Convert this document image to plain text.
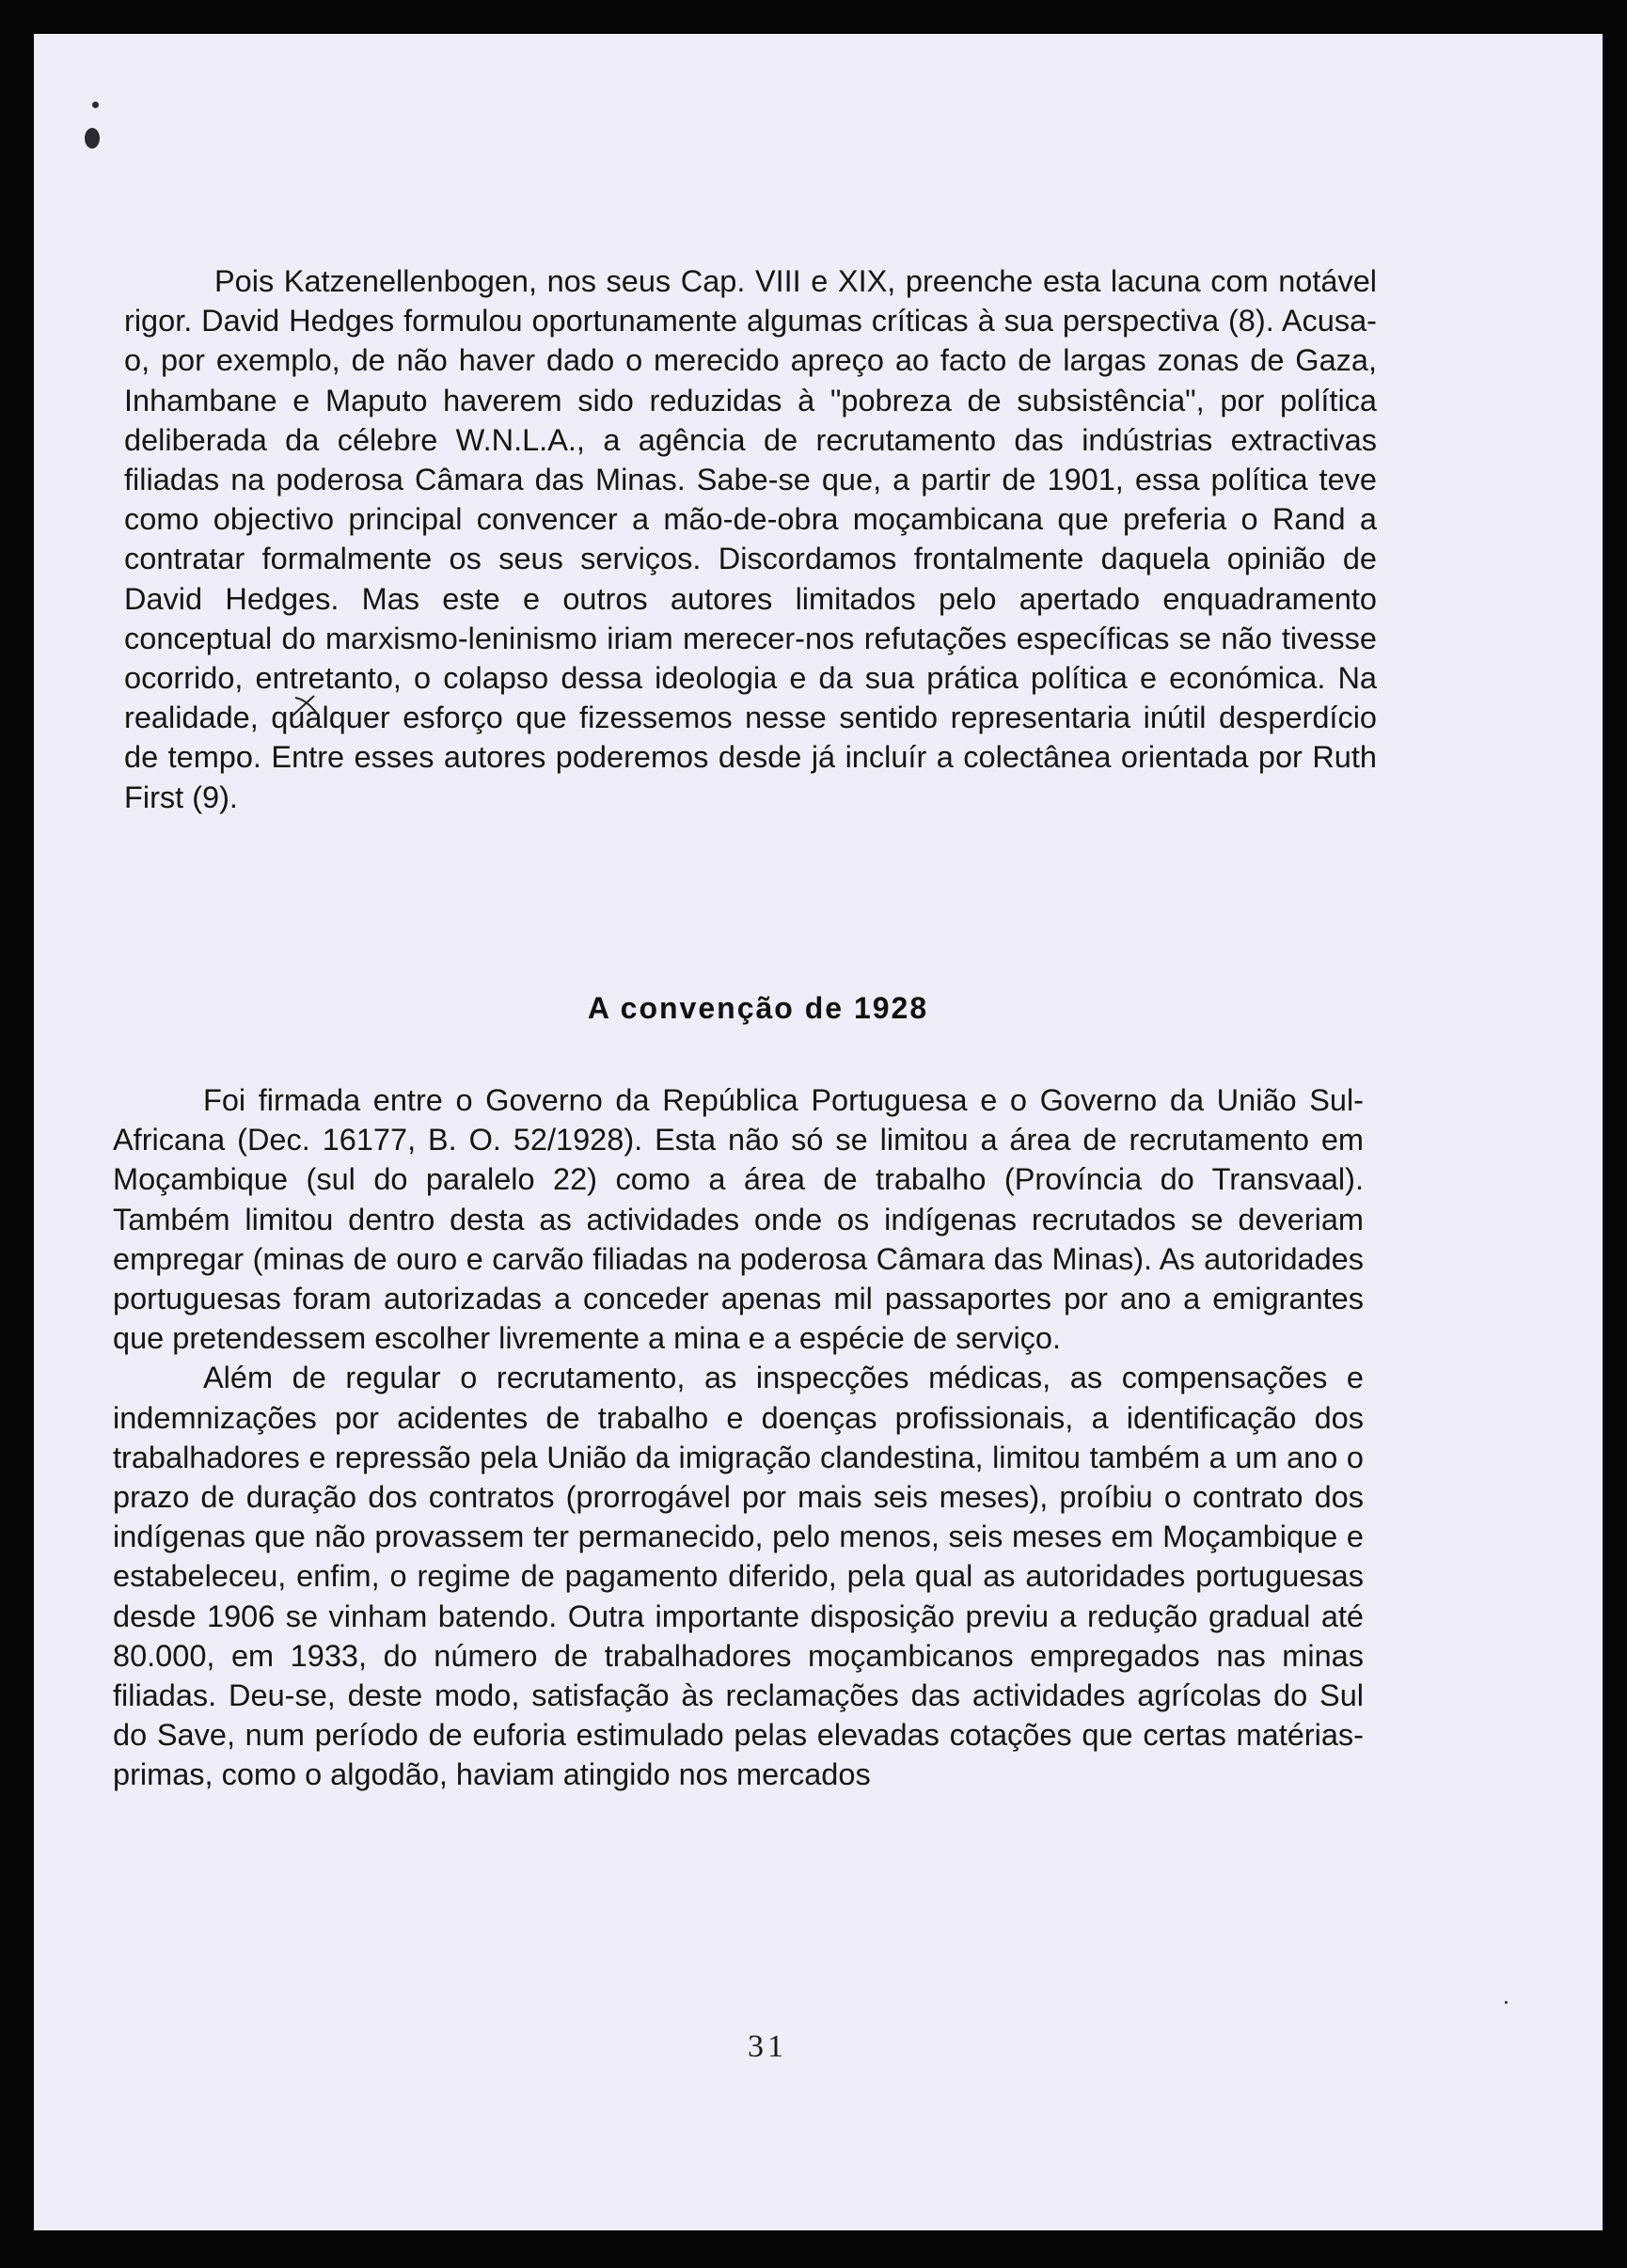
Pois Katzenellenbogen, nos seus Cap. VIII e XIX, preenche esta lacuna com notável rigor. David Hedges formulou oportunamente algumas críticas à sua perspectiva (8). Acusa-o, por exemplo, de não haver dado o merecido apreço ao facto de largas zonas de Gaza, Inhambane e Maputo haverem sido reduzidas à "pobreza de subsistência", por política deliberada da célebre W.N.L.A., a agência de recrutamento das indústrias extractivas filiadas na poderosa Câmara das Minas. Sabe-se que, a partir de 1901, essa política teve como objectivo principal convencer a mão-de-obra moçambicana que preferia o Rand a contratar formalmente os seus serviços. Discordamos frontalmente daquela opinião de David Hedges. Mas este e outros autores limitados pelo apertado enquadramento conceptual do marxismo-leninismo iriam merecer-nos refutações específicas se não tivesse ocorrido, entretanto, o colapso dessa ideologia e da sua prática política e económica. Na realidade, qualquer esforço que fizessemos nesse sentido representaria inútil desperdício de tempo. Entre esses autores poderemos desde já incluír a colectânea orientada por Ruth First (9).

A convenção de 1928

Foi firmada entre o Governo da República Portuguesa e o Governo da União Sul-Africana (Dec. 16177, B. O. 52/1928). Esta não só se limitou a área de recrutamento em Moçambique (sul do paralelo 22) como a área de trabalho (Província do Transvaal). Também limitou dentro desta as actividades onde os indígenas recrutados se deveriam empregar (minas de ouro e carvão filiadas na poderosa Câmara das Minas). As autoridades portuguesas foram autorizadas a conceder apenas mil passaportes por ano a emigrantes que pretendessem escolher livremente a mina e a espécie de serviço.

Além de regular o recrutamento, as inspecções médicas, as compensações e indemnizações por acidentes de trabalho e doenças profissionais, a identificação dos trabalhadores e repressão pela União da imigração clandestina, limitou também a um ano o prazo de duração dos contratos (prorrogável por mais seis meses), proíbiu o contrato dos indígenas que não provassem ter permanecido, pelo menos, seis meses em Moçambique e estabeleceu, enfim, o regime de pagamento diferido, pela qual as autoridades portuguesas desde 1906 se vinham batendo. Outra importante disposição previu a redução gradual até 80.000, em 1933, do número de trabalhadores moçambicanos empregados nas minas filiadas. Deu-se, deste modo, satisfação às reclamações das actividades agrícolas do Sul do Save, num período de euforia estimulado pelas elevadas cotações que certas matérias-primas, como o algodão, haviam atingido nos mercados

31
